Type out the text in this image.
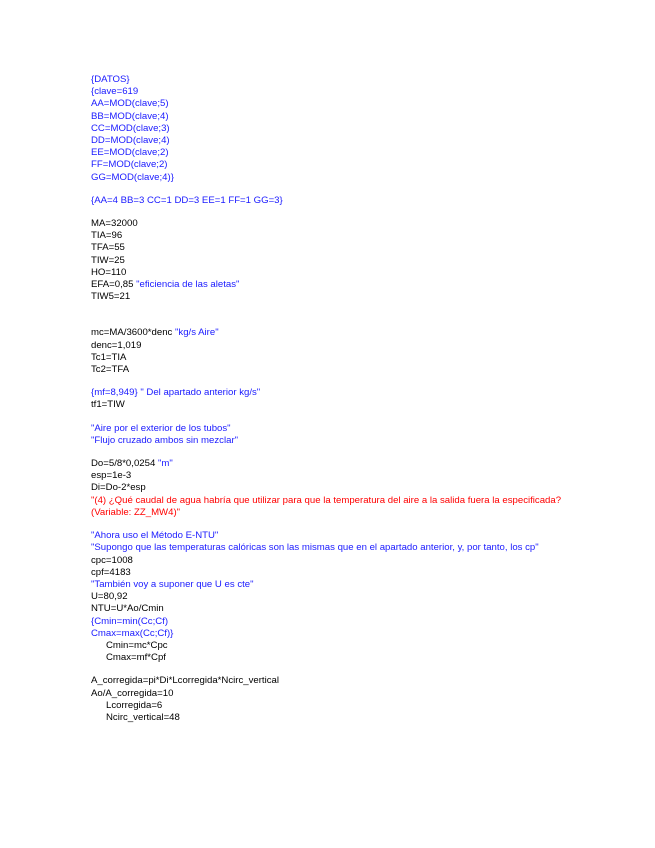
{DATOS}
{clave=619
AA=MOD(clave;5)
BB=MOD(clave;4)
CC=MOD(clave;3)
DD=MOD(clave;4)
EE=MOD(clave;2)
FF=MOD(clave;2)
GG=MOD(clave;4)}
{AA=4 BB=3 CC=1 DD=3 EE=1 FF=1 GG=3}
MA=32000
TIA=96
TFA=55
TIW=25
HO=110
EFA=0,85 "eficiencia de las aletas"
TIW5=21
mc=MA/3600*denc "kg/s Aire"
denc=1,019
Tc1=TIA
Tc2=TFA
{mf=8,949} " Del apartado anterior kg/s"
tf1=TIW
"Aire por el exterior de los tubos"
"Flujo cruzado ambos sin mezclar"
Do=5/8*0,0254 "m"
esp=1e-3
Di=Do-2*esp
"(4) ¿Qué caudal de agua habría que utilizar para que la temperatura del aire a la salida fuera la especificada? (Variable: ZZ_MW4)"
"Ahora uso el Método E-NTU"
"Supongo que las temperaturas calóricas son las mismas que en el apartado anterior, y, por tanto, los cp"
cpc=1008
cpf=4183
"También voy a suponer que U es cte"
U=80,92
NTU=U*Ao/Cmin
{Cmin=min(Cc;Cf)
Cmax=max(Cc;Cf)}
Cmin=mc*Cpc
Cmax=mf*Cpf
A_corregida=pi*Di*Lcorregida*Ncirc_vertical
Ao/A_corregida=10
Lcorregida=6
Ncirc_vertical=48
